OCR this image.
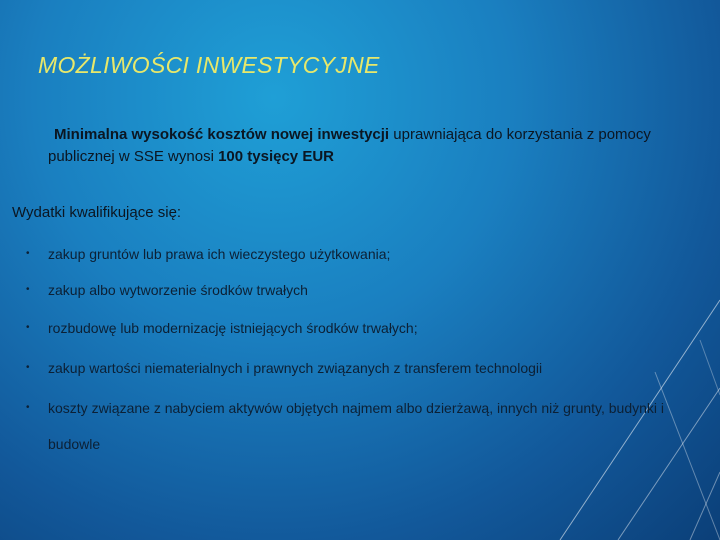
MOŻLIWOŚCI INWESTYCYJNE

Minimalna wysokość kosztów nowej inwestycji uprawniająca do korzystania z pomocy publicznej w SSE wynosi 100 tysięcy EUR

Wydatki kwalifikujące się:

• zakup gruntów lub prawa ich wieczystego użytkowania;
• zakup albo wytworzenie środków trwałych
• rozbudowę lub modernizację istniejących środków trwałych;
• zakup wartości niematerialnych i prawnych związanych z transferem technologii
• koszty związane z nabyciem aktywów objętych najmem albo dzierżawą, innych niż grunty, budynki i budowle
